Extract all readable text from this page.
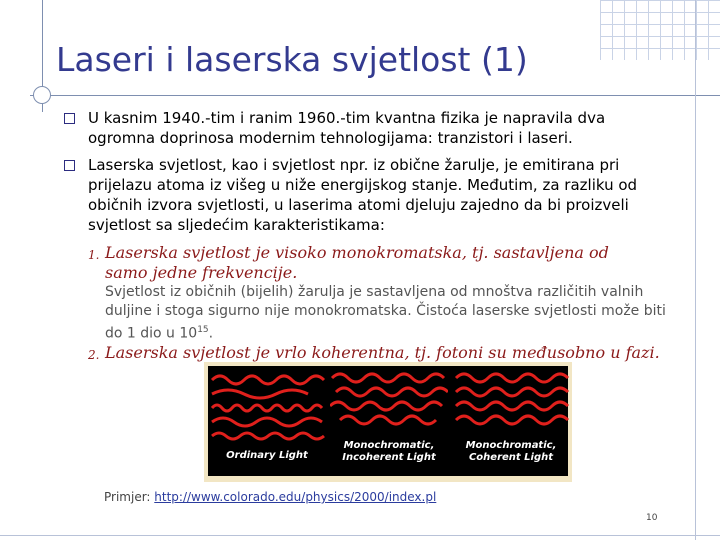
Laseri i laserska svjetlost (1)
U kasnim 1940.-tim i ranim 1960.-tim kvantna fizika je napravila dva
ogromna doprinosa modernim tehnologijama: tranzistori i laseri.
Laserska svjetlost, kao i svjetlost npr. iz obične žarulje, je emitirana pri
prijelazu atoma iz višeg u niže energijskog stanje. Međutim, za razliku od
običnih izvora svjetlosti, u laserima atomi djeluju zajedno da bi proizveli
svjetlost sa sljedećim karakteristikama:
1. Laserska svjetlost je visoko monokromatska, tj. sastavljena od
samo jedne frekvencije.
Svjetlost iz običnih (bijelih) žarulja je sastavljena od mnoštva različitih valnih
duljine i stoga sigurno nije monokromatska. Čistoća laserske svjetlosti može biti
do 1 dio u $10^{15}$.
2. Laserska svjetlost je vrlo koherentna, tj. fotoni su međusobno u fazi.
Ordinary Light
Monochromatic,
Incoherent Light
Monochromatic,
Coherent Light
Primjer: http://www.colorado.edu/physics/2000/index.pl
10
